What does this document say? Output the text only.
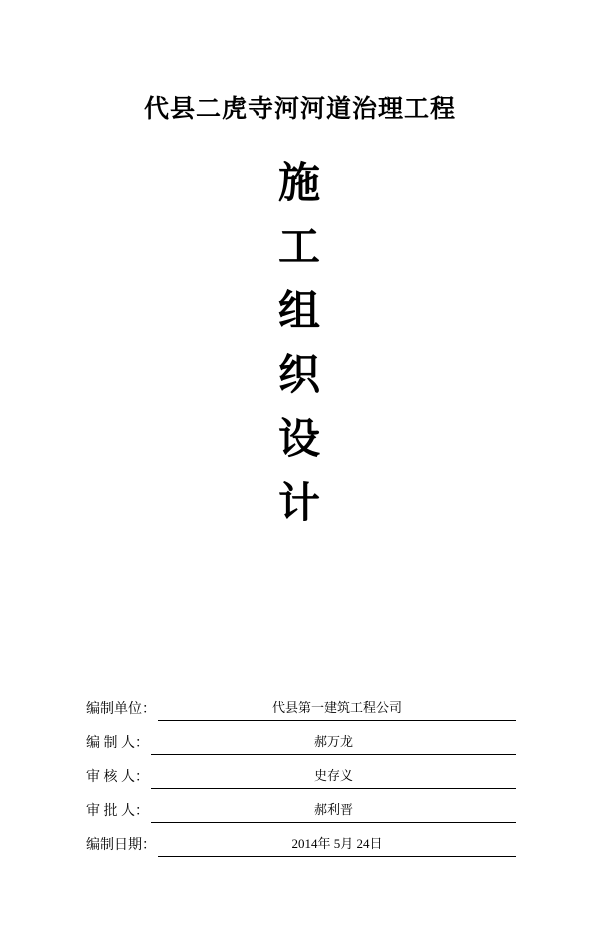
代县二虎寺河河道治理工程
施
工
组
织
设
计
编制单位：	代县第一建筑工程公司
编 制 人：	郝万龙
审 核 人：	史存义
审 批 人：	郝利晋
编制日期：	2014年 5月 24日
